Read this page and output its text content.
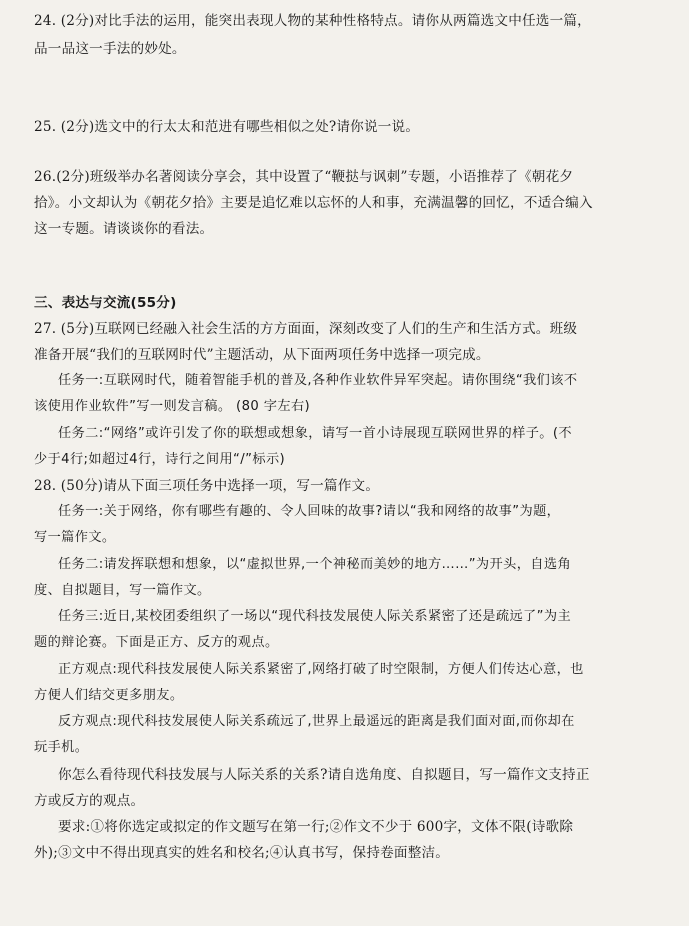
24. (2分)对比手法的运用，能突出表现人物的某种性格特点。请你从两篇选文中任选一篇，
品一品这一手法的妙处。
25. (2分)选文中的行太太和范进有哪些相似之处?请你说一说。
26.(2分)班级举办名著阅读分享会，其中设置了“鞭挞与讽刺”专题，小语推荐了《朝花夕
拾》。小文却认为《朝花夕拾》主要是追忆难以忘怀的人和事，充满温馨的回忆，不适合编入
这一专题。请谈谈你的看法。
三、表达与交流(55分)
27. (5分)互联网已经融入社会生活的方方面面，深刻改变了人们的生产和生活方式。班级
准备开展“我们的互联网时代”主题活动，从下面两项任务中选择一项完成。
任务一:互联网时代，随着智能手机的普及,各种作业软件异军突起。请你围绕“我们该不
该使用作业软件”写一则发言稿。 (80 字左右)
任务二:“网络”或许引发了你的联想或想象，请写一首小诗展现互联网世界的样子。(不
少于4行;如超过4行，诗行之间用“/”标示)
28. (50分)请从下面三项任务中选择一项，写一篇作文。
任务一:关于网络，你有哪些有趣的、令人回味的故事?请以“我和网络的故事”为题，
写一篇作文。
任务二:请发挥联想和想象，以“虚拟世界,一个神秘而美妙的地方……”为开头，自选角
度、自拟题目，写一篇作文。
任务三:近日,某校团委组织了一场以“现代科技发展使人际关系紧密了还是疏远了”为主
题的辩论赛。下面是正方、反方的观点。
正方观点:现代科技发展使人际关系紧密了,网络打破了时空限制，方便人们传达心意，也
方便人们结交更多朋友。
反方观点:现代科技发展使人际关系疏远了,世界上最遥远的距离是我们面对面,而你却在
玩手机。
你怎么看待现代科技发展与人际关系的关系?请自选角度、自拟题目，写一篇作文支持正
方或反方的观点。
要求:①将你选定或拟定的作文题写在第一行;②作文不少于 600字，文体不限(诗歌除
外);③文中不得出现真实的姓名和校名;④认真书写，保持卷面整洁。
